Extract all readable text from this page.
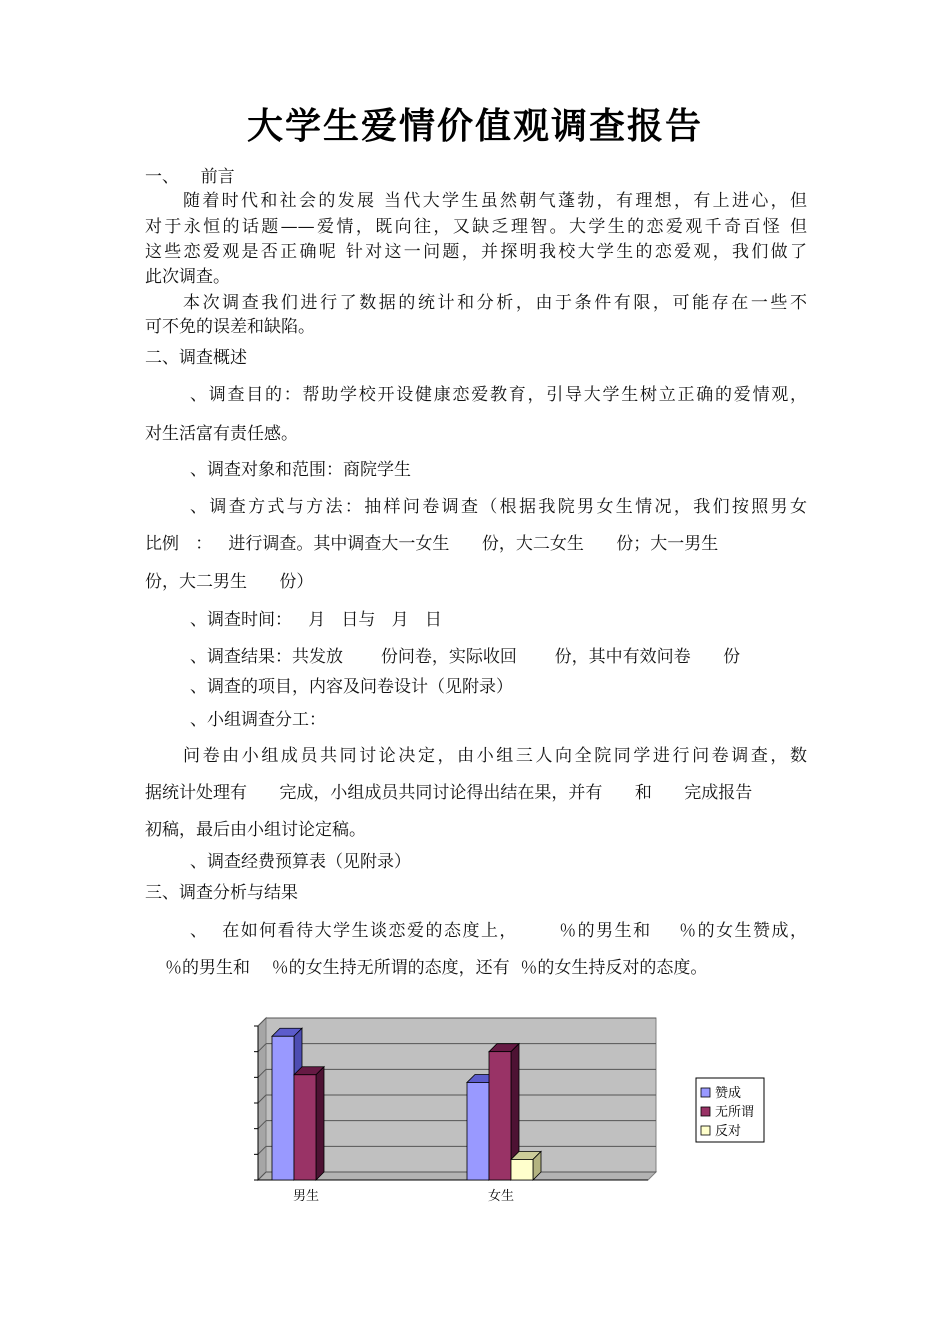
大学生爱情价值观调查报告

一、    前言

随着时代和社会的发展 当代大学生虽然朝气蓬勃，有理想，有上进心，但

对于永恒的话题——爱情，既向往，又缺乏理智。大学生的恋爱观千奇百怪 但

这些恋爱观是否正确呢 针对这一问题，并探明我校大学生的恋爱观，我们做了

此次调查。

本次调查我们进行了数据的统计和分析，由于条件有限，可能存在一些不

可不免的误差和缺陷。

二、调查概述

、调查目的：帮助学校开设健康恋爱教育，引导大学生树立正确的爱情观，

对生活富有责任感。

、调查对象和范围：商院学生

、调查方式与方法：抽样问卷调查（根据我院男女生情况，我们按照男女

比例   ：   进行调查。其中调查大一女生      份，大二女生      份；大一男生

份，大二男生      份）

、调查时间：   月   日与   月   日

、调查结果：共发放       份问卷，实际收回       份，其中有效问卷      份

、调查的项目，内容及问卷设计（见附录）

、小组调查分工：

问卷由小组成员共同讨论决定，由小组三人向全院同学进行问卷调查，数

据统计处理有      完成，小组成员共同讨论得出结在果，并有      和      完成报告

初稿，最后由小组讨论定稿。

、调查经费预算表（见附录）

三、调查分析与结果

、  在如何看待大学生谈恋爱的态度上，      ％的男生和    ％的女生赞成，

％的男生和    ％的女生持无所谓的态度，还有  ％的女生持反对的态度。

男生	女生
赞成
无所谓
反对
